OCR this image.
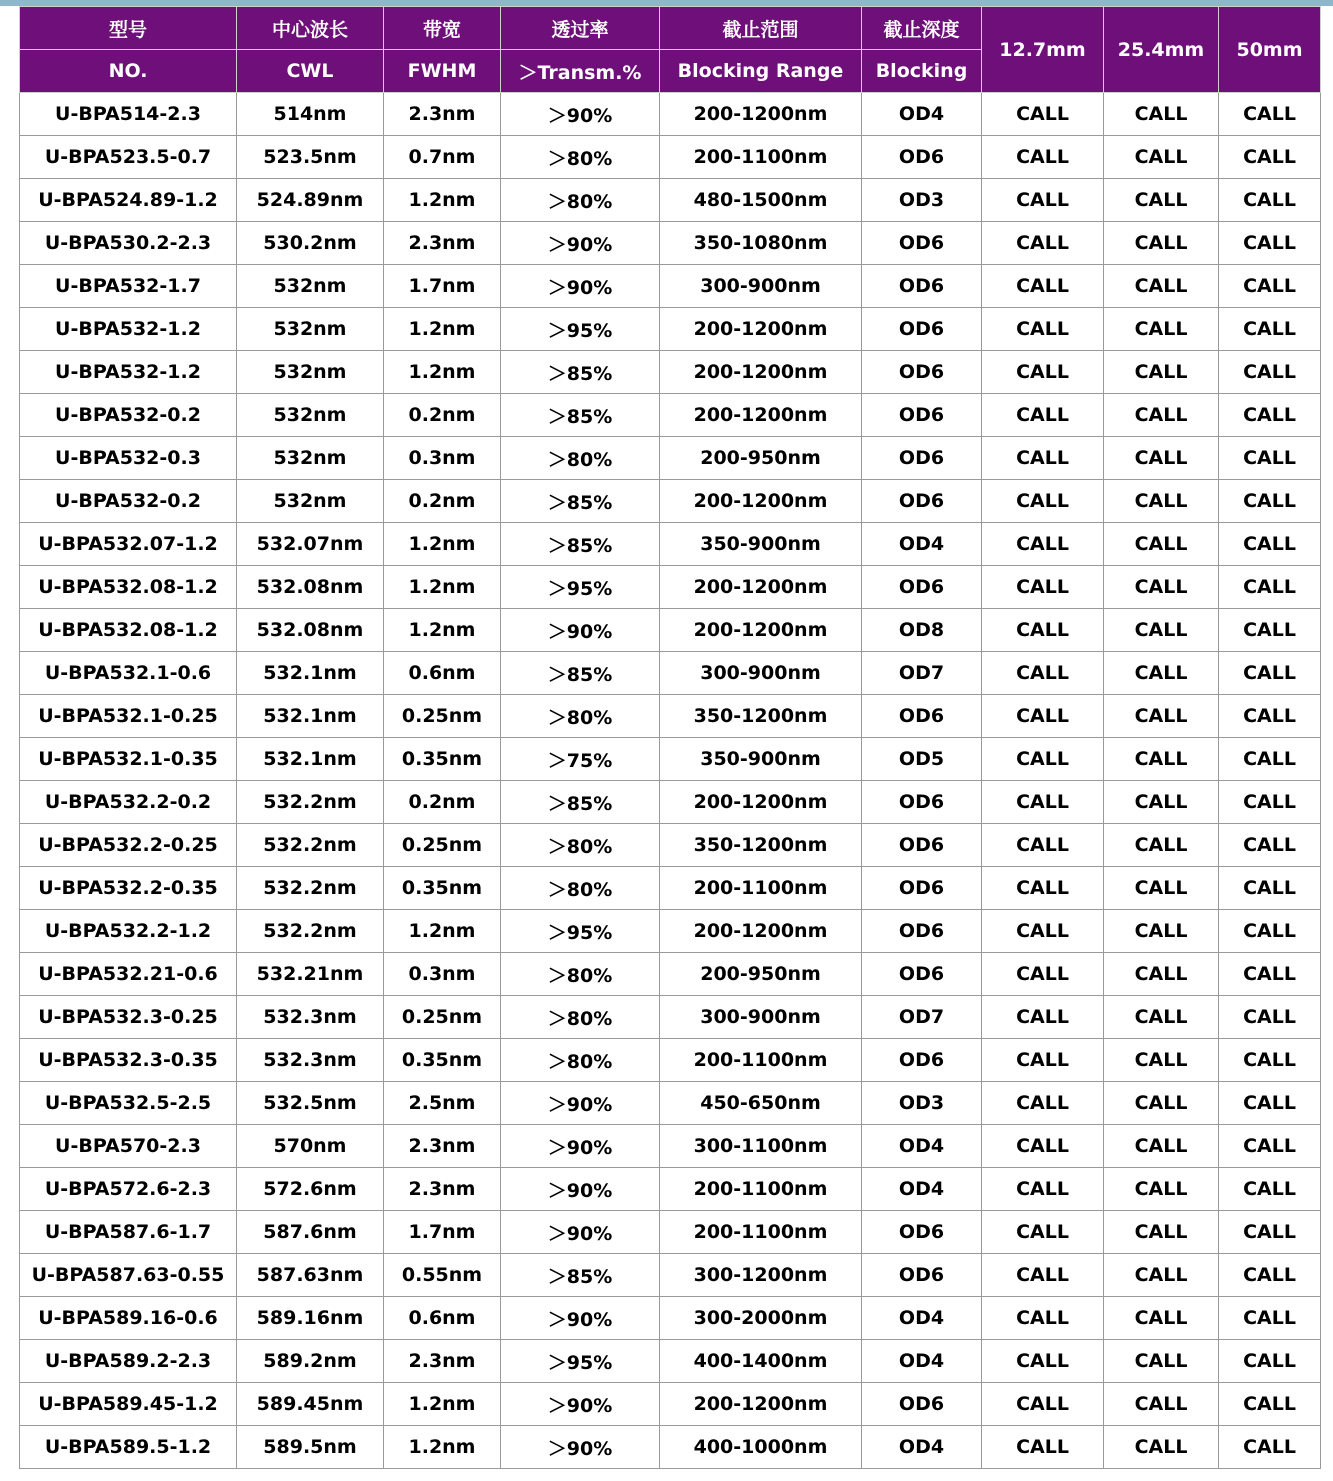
型号	中心波长	带宽	透过率	截止范围	截止深度	12.7mm	25.4mm	50mm
NO.	CWL	FWHM	＞Transm.%	Blocking Range	Blocking			
U-BPA514-2.3	514nm	2.3nm	＞90%	200-1200nm	OD4	CALL	CALL	CALL
U-BPA523.5-0.7	523.5nm	0.7nm	＞80%	200-1100nm	OD6	CALL	CALL	CALL
U-BPA524.89-1.2	524.89nm	1.2nm	＞80%	480-1500nm	OD3	CALL	CALL	CALL
U-BPA530.2-2.3	530.2nm	2.3nm	＞90%	350-1080nm	OD6	CALL	CALL	CALL
U-BPA532-1.7	532nm	1.7nm	＞90%	300-900nm	OD6	CALL	CALL	CALL
U-BPA532-1.2	532nm	1.2nm	＞95%	200-1200nm	OD6	CALL	CALL	CALL
U-BPA532-1.2	532nm	1.2nm	＞85%	200-1200nm	OD6	CALL	CALL	CALL
U-BPA532-0.2	532nm	0.2nm	＞85%	200-1200nm	OD6	CALL	CALL	CALL
U-BPA532-0.3	532nm	0.3nm	＞80%	200-950nm	OD6	CALL	CALL	CALL
U-BPA532-0.2	532nm	0.2nm	＞85%	200-1200nm	OD6	CALL	CALL	CALL
U-BPA532.07-1.2	532.07nm	1.2nm	＞85%	350-900nm	OD4	CALL	CALL	CALL
U-BPA532.08-1.2	532.08nm	1.2nm	＞95%	200-1200nm	OD6	CALL	CALL	CALL
U-BPA532.08-1.2	532.08nm	1.2nm	＞90%	200-1200nm	OD8	CALL	CALL	CALL
U-BPA532.1-0.6	532.1nm	0.6nm	＞85%	300-900nm	OD7	CALL	CALL	CALL
U-BPA532.1-0.25	532.1nm	0.25nm	＞80%	350-1200nm	OD6	CALL	CALL	CALL
U-BPA532.1-0.35	532.1nm	0.35nm	＞75%	350-900nm	OD5	CALL	CALL	CALL
U-BPA532.2-0.2	532.2nm	0.2nm	＞85%	200-1200nm	OD6	CALL	CALL	CALL
U-BPA532.2-0.25	532.2nm	0.25nm	＞80%	350-1200nm	OD6	CALL	CALL	CALL
U-BPA532.2-0.35	532.2nm	0.35nm	＞80%	200-1100nm	OD6	CALL	CALL	CALL
U-BPA532.2-1.2	532.2nm	1.2nm	＞95%	200-1200nm	OD6	CALL	CALL	CALL
U-BPA532.21-0.6	532.21nm	0.3nm	＞80%	200-950nm	OD6	CALL	CALL	CALL
U-BPA532.3-0.25	532.3nm	0.25nm	＞80%	300-900nm	OD7	CALL	CALL	CALL
U-BPA532.3-0.35	532.3nm	0.35nm	＞80%	200-1100nm	OD6	CALL	CALL	CALL
U-BPA532.5-2.5	532.5nm	2.5nm	＞90%	450-650nm	OD3	CALL	CALL	CALL
U-BPA570-2.3	570nm	2.3nm	＞90%	300-1100nm	OD4	CALL	CALL	CALL
U-BPA572.6-2.3	572.6nm	2.3nm	＞90%	200-1100nm	OD4	CALL	CALL	CALL
U-BPA587.6-1.7	587.6nm	1.7nm	＞90%	200-1100nm	OD6	CALL	CALL	CALL
U-BPA587.63-0.55	587.63nm	0.55nm	＞85%	300-1200nm	OD6	CALL	CALL	CALL
U-BPA589.16-0.6	589.16nm	0.6nm	＞90%	300-2000nm	OD4	CALL	CALL	CALL
U-BPA589.2-2.3	589.2nm	2.3nm	＞95%	400-1400nm	OD4	CALL	CALL	CALL
U-BPA589.45-1.2	589.45nm	1.2nm	＞90%	200-1200nm	OD6	CALL	CALL	CALL
U-BPA589.5-1.2	589.5nm	1.2nm	＞90%	400-1000nm	OD4	CALL	CALL	CALL
